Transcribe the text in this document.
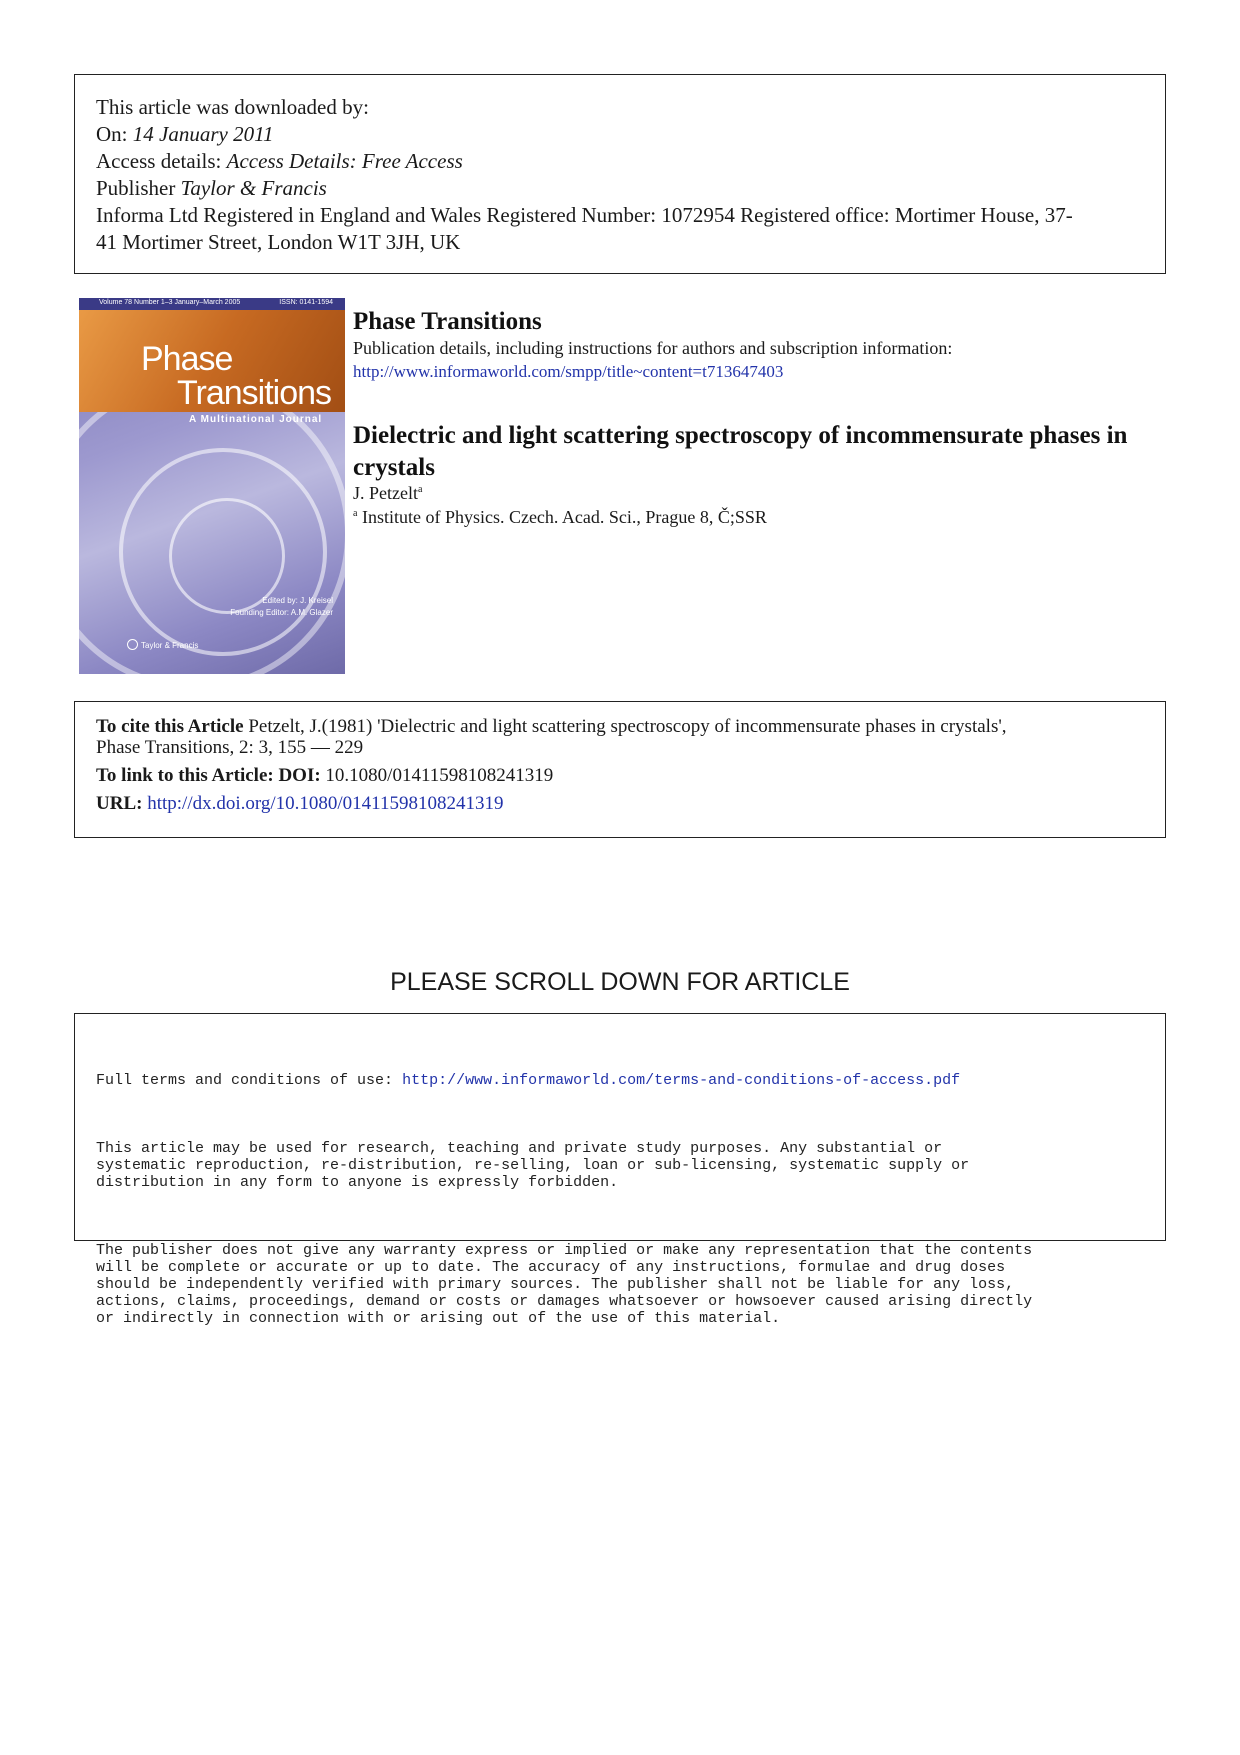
This article was downloaded by:
On: 14 January 2011
Access details: Access Details: Free Access
Publisher Taylor & Francis
Informa Ltd Registered in England and Wales Registered Number: 1072954 Registered office: Mortimer House, 37-
41 Mortimer Street, London W1T 3JH, UK
Volume 78 Number 1–3 January–March 2005	ISSN: 0141-1594
Phase
Transitions
A Multinational Journal
Edited by: J. Kreisel
Founding Editor: A.M. Glazer
Taylor & Francis
Phase Transitions
Publication details, including instructions for authors and subscription information:
http://www.informaworld.com/smpp/title~content=t713647403
Dielectric and light scattering spectroscopy of incommensurate phases in crystals
J. Petzelt$^a$
$^a$ Institute of Physics. Czech. Acad. Sci., Prague 8, Č;SSR
To cite this Article Petzelt, J.(1981) 'Dielectric and light scattering spectroscopy of incommensurate phases in crystals',
Phase Transitions, 2: 3, 155 — 229
To link to this Article: DOI: 10.1080/01411598108241319
URL: http://dx.doi.org/10.1080/01411598108241319
PLEASE SCROLL DOWN FOR ARTICLE

Full terms and conditions of use: http://www.informaworld.com/terms-and-conditions-of-access.pdf

This article may be used for research, teaching and private study purposes. Any substantial or
systematic reproduction, re-distribution, re-selling, loan or sub-licensing, systematic supply or
distribution in any form to anyone is expressly forbidden.

The publisher does not give any warranty express or implied or make any representation that the contents
will be complete or accurate or up to date. The accuracy of any instructions, formulae and drug doses
should be independently verified with primary sources. The publisher shall not be liable for any loss,
actions, claims, proceedings, demand or costs or damages whatsoever or howsoever caused arising directly
or indirectly in connection with or arising out of the use of this material.
